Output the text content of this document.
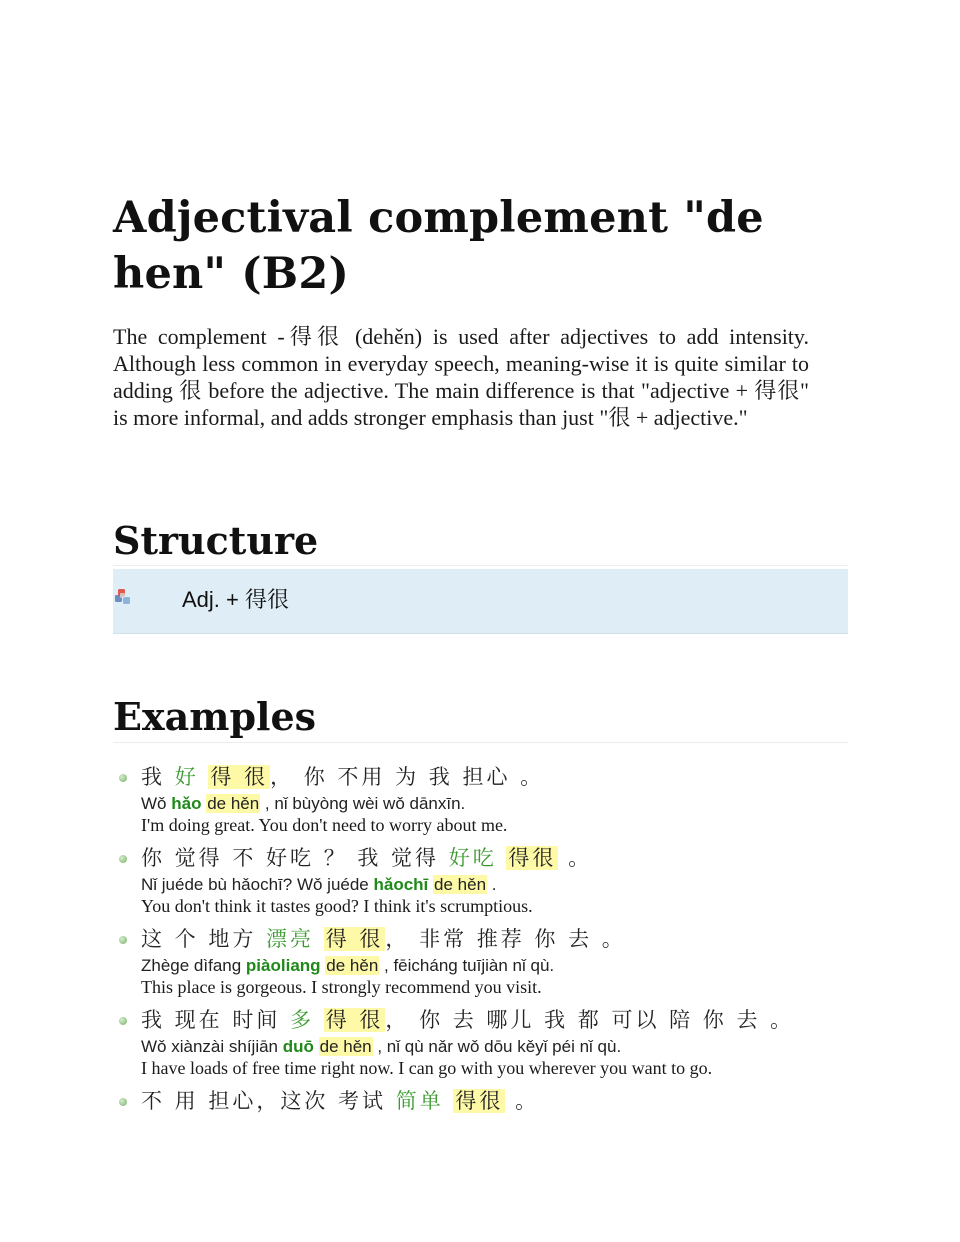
Adjectival complement "de hen" (B2)

The complement -得很 (dehěn) is used after adjectives to add intensity. Although less common in everyday speech, meaning-wise it is quite similar to adding 很 before the adjective. The main difference is that "adjective + 得很" is more informal, and adds stronger emphasis than just "很 + adjective."

Structure
Adj. + 得很
Examples
我 好 得 很， 你 不用 为 我 担心 。
Wǒ hǎo de hěn , nǐ bùyòng wèi wǒ dānxīn.
I'm doing great. You don't need to worry about me.
你 觉得 不 好吃 ？ 我 觉得 好吃 得很 。
Nǐ juéde bù hǎochī? Wǒ juéde hǎochī de hěn .
You don't think it tastes good? I think it's scrumptious.
这 个 地方 漂亮 得 很， 非常 推荐 你 去 。
Zhège dìfang piàoliang de hěn , fēicháng tuījiàn nǐ qù.
This place is gorgeous. I strongly recommend you visit.
我 现在 时间 多 得 很， 你 去 哪儿 我 都 可以 陪 你 去 。
Wǒ xiànzài shíjiān duō de hěn , nǐ qù nǎr wǒ dōu kěyǐ péi nǐ qù.
I have loads of free time right now. I can go with you wherever you want to go.
不 用 担心，这次 考试 简单 得很 。
